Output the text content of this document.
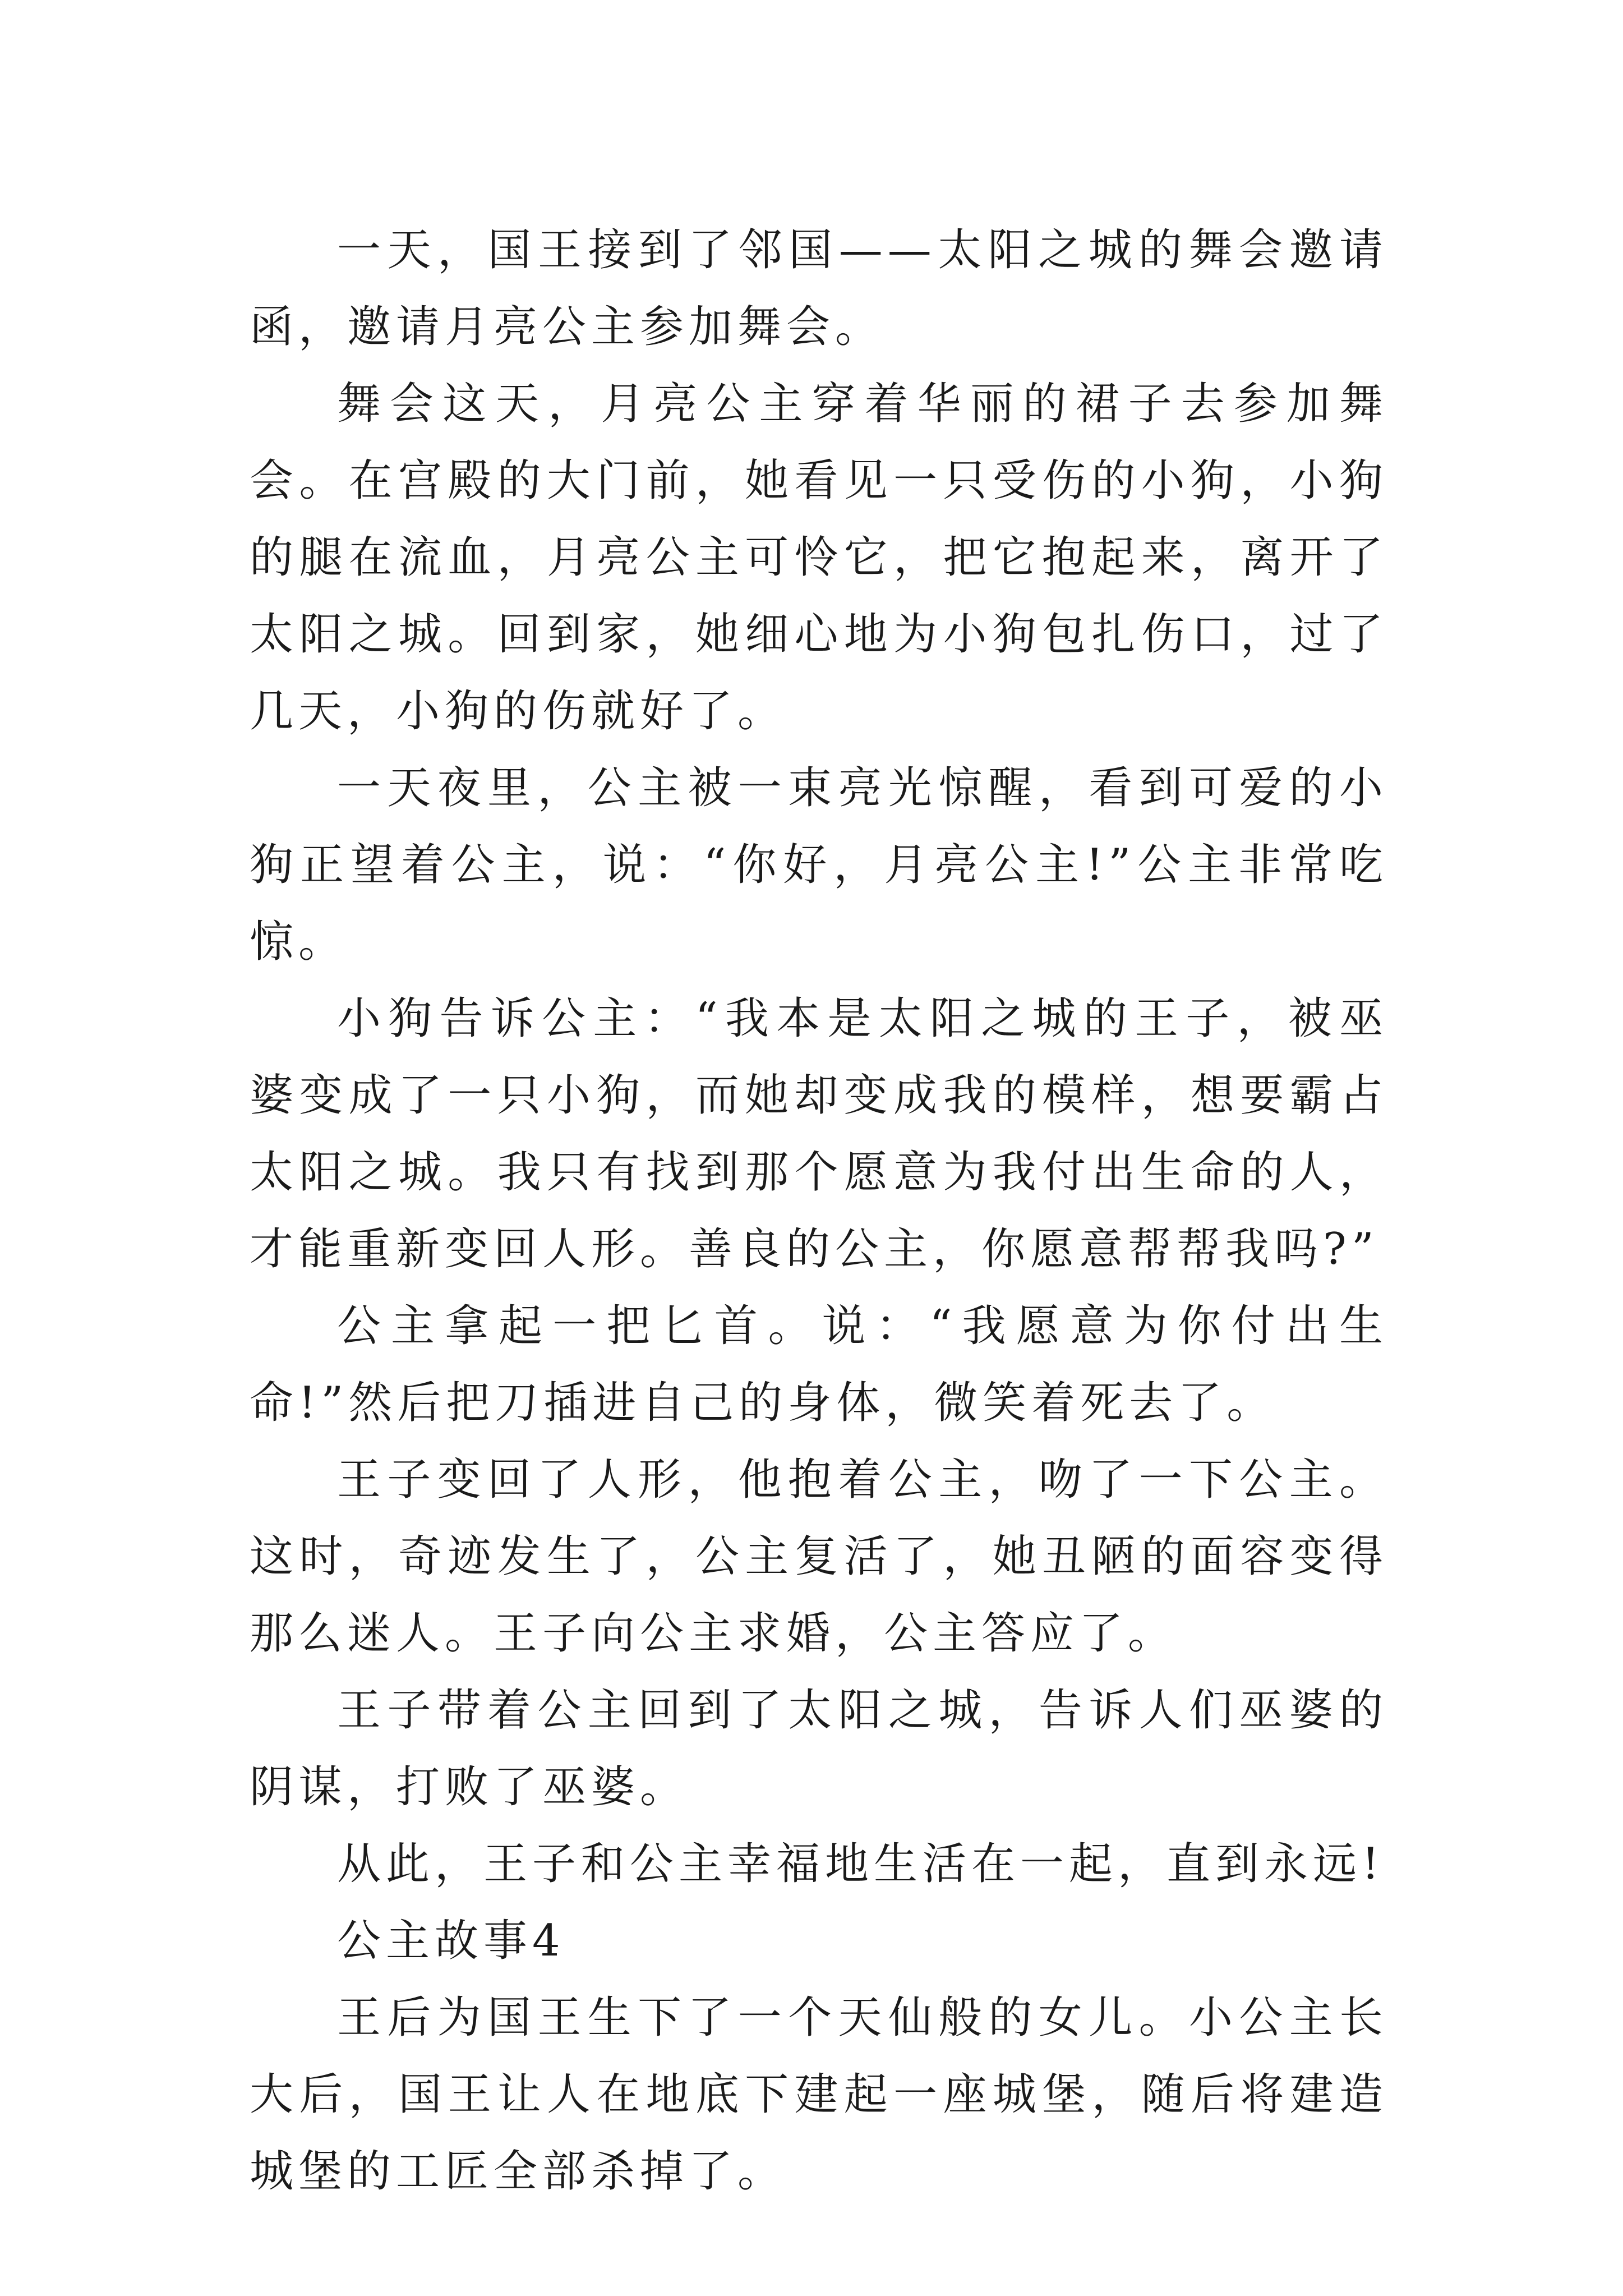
一天，国王接到了邻国——太阳之城的舞会邀请函，邀请月亮公主参加舞会。

舞会这天，月亮公主穿着华丽的裙子去参加舞会。在宫殿的大门前，她看见一只受伤的小狗，小狗的腿在流血，月亮公主可怜它，把它抱起来，离开了太阳之城。回到家，她细心地为小狗包扎伤口，过了几天，小狗的伤就好了。

一天夜里，公主被一束亮光惊醒，看到可爱的小狗正望着公主，说：“你好，月亮公主!”公主非常吃惊。

小狗告诉公主：“我本是太阳之城的王子，被巫婆变成了一只小狗，而她却变成我的模样，想要霸占太阳之城。我只有找到那个愿意为我付出生命的人，才能重新变回人形。善良的公主，你愿意帮帮我吗?”

公主拿起一把匕首。说：“我愿意为你付出生命!”然后把刀插进自己的身体，微笑着死去了。

王子变回了人形，他抱着公主，吻了一下公主。这时，奇迹发生了，公主复活了，她丑陋的面容变得那么迷人。王子向公主求婚，公主答应了。

王子带着公主回到了太阳之城，告诉人们巫婆的阴谋，打败了巫婆。

从此，王子和公主幸福地生活在一起，直到永远!

公主故事4

王后为国王生下了一个天仙般的女儿。小公主长大后，国王让人在地底下建起一座城堡，随后将建造城堡的工匠全部杀掉了。
